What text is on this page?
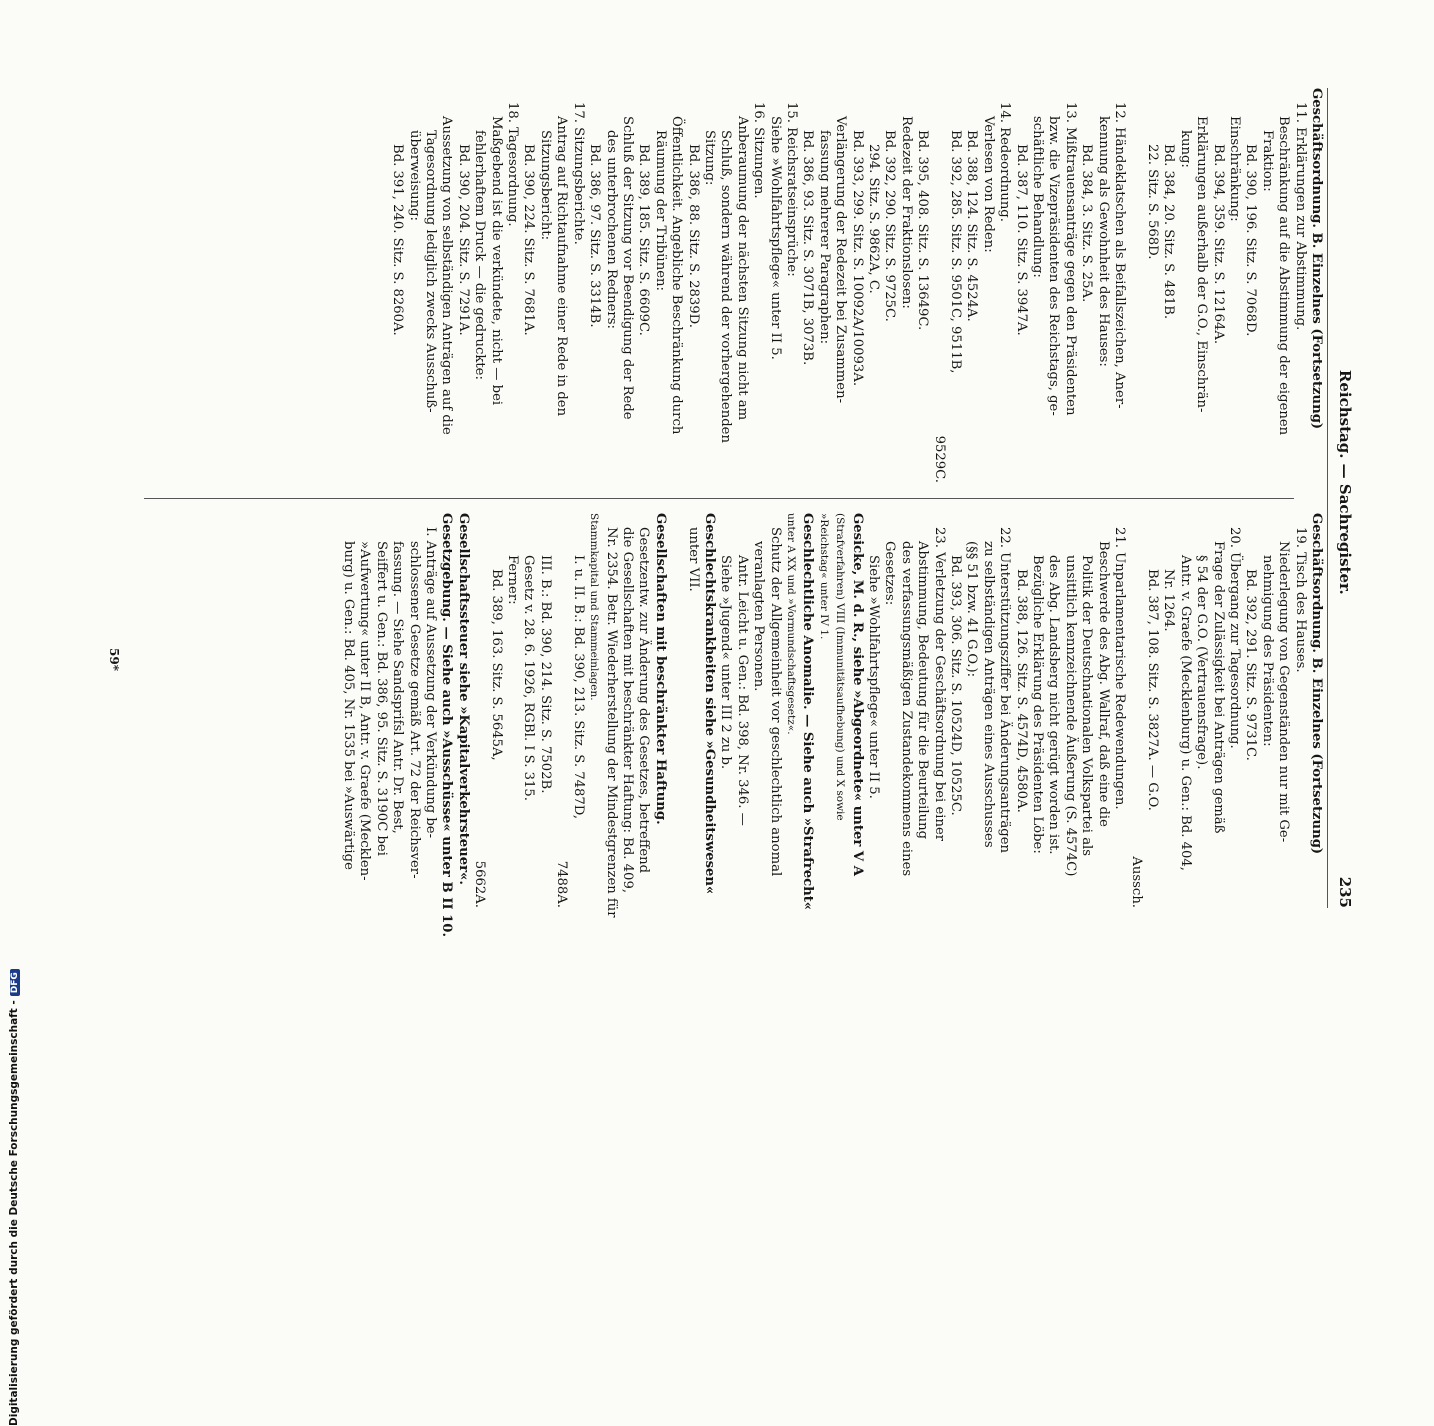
Reichstag. — Sachregister.
235
Geschäftsordnung. B. Einzelnes (Fortsetzung)
11. Erklärungen zur Abstimmung.
Beschränkung auf die Abstimmung der eigenen
Fraktion:
Bd. 390, 196. Sitz. S. 7068D.
Einschränkung:
Bd. 394, 359. Sitz. S. 12164A.
Erklärungen außerhalb der G.O., Einschrän-
kung:
Bd. 384, 20. Sitz. S. 481B.
22. Sitz. S. 568D.

12. Händeklatschen als Beifallszeichen, Aner-
kennung als Gewohnheit des Hauses:
Bd. 384, 3. Sitz. S. 25A.
13. Mißtrauensanträge gegen den Präsidenten
bzw. die Vizepräsidenten des Reichstags, ge-
schäftliche Behandlung:
Bd. 387, 110. Sitz. S. 3947A.
14. Redeordnung.
Verlesen von Reden:
Bd. 388, 124. Sitz. S. 4524A.
Bd. 392, 285. Sitz. S. 9501C, 9511B,
9529C.
Bd. 395, 408. Sitz. S. 13649C.
Redezeit der Fraktionslosen:
Bd. 392, 290. Sitz. S. 9725C.
294. Sitz. S. 9862A, C.
Bd. 393, 299. Sitz. S. 10092A/10093A.
Verlängerung der Redezeit bei Zusammen-
fassung mehrerer Paragraphen:
Bd. 386, 93. Sitz. S. 3071B, 3073B.
15. Reichsratseinsprüche:
Siehe »Wohlfahrtspflege« unter II 5.
16. Sitzungen.
Anberaumung der nächsten Sitzung nicht am
Schluß, sondern während der vorhergehenden
Sitzung:
Bd. 386, 88. Sitz. S. 2839D.
Öffentlichkeit. Angebliche Beschränkung durch
Räumung der Tribünen:
Bd. 389, 185. Sitz. S. 6609C.
Schluß der Sitzung vor Beendigung der Rede
des unterbrochenen Redners:
Bd. 386, 97. Sitz. S. 3314B.
17. Sitzungsberichte.
Antrag auf Richtaufnahme einer Rede in den
Sitzungsbericht:
Bd. 390, 224. Sitz. S. 7681A.
18. Tagesordnung.
Maßgebend ist die verkündete, nicht — bei
fehlerhaftem Druck — die gedruckte:
Bd. 390, 204. Sitz. S. 7291A.
Aussetzung von selbständigen Anträgen auf die
Tagesordnung lediglich zwecks Ausschuß-
überweisung:
Bd. 391, 240. Sitz. S. 8260A.
Geschäftsordnung. B. Einzelnes (Fortsetzung)
19. Tisch des Hauses.
Niederlegung von Gegenständen nur mit Ge-
nehmigung des Präsidenten:
Bd. 392, 291. Sitz. S. 9731C.
20. Übergang zur Tagesordnung.
Frage der Zulässigkeit bei Anträgen gemäß
§ 54 der G.O. (Vertrauensfrage).
Antr. v. Graefe (Mecklenburg) u. Gen.: Bd. 404,
Nr. 1264.
Bd. 387, 108. Sitz. S. 3827A. — G.O.
Aussch.
21. Unparlamentarische Redewendungen.
Beschwerde des Abg. Wallraf, daß eine die
Politik der Deutschnationalen Volkspartei als
unsittlich kennzeichnende Äußerung (S. 4574C)
des Abg. Landsberg nicht gerügt worden ist.
Bezügliche Erklärung des Präsidenten Löbe:
Bd. 388, 126. Sitz. S. 4574D, 4580A.
22. Unterstützungsziffer bei Änderungsanträgen
zu selbständigen Anträgen eines Ausschusses
(§§ 51 bzw. 41 G.O.):
Bd. 393, 306. Sitz. S. 10524D, 10525C.
23. Verletzung der Geschäftsordnung bei einer
Abstimmung, Bedeutung für die Beurteilung
des verfassungsmäßigen Zustandekommens eines
Gesetzes:
Siehe »Wohlfahrtspflege« unter II 5.
Gesicke, M. d. R., siehe »Abgeordnete« unter V A
(Strafverfahren) VIII (Immunitätsaufhebung) und X sowie
»Reichstag« unter IV 1.
Geschlechtliche Anomalie. — Siehe auch »Strafrecht«
unter A XX und »Vormundschaftsgesetz«.
Schutz der Allgemeinheit vor geschlechtlich anomal
veranlagten Personen.
Antr. Leicht u. Gen.: Bd. 398, Nr. 346. —
Siehe »Jugend« unter III 2 zu b.
Geschlechtskrankheiten siehe »Gesundheitswesen«
unter VII.

Gesellschaften mit beschränkter Haftung.
Gesetzentw. zur Änderung des Gesetzes, betreffend
die Gesellschaften mit beschränkter Haftung: Bd. 409,
Nr. 2354. Betr. Wiederherstellung der Mindestgrenzen für
Stammkapital und Stammeinlagen.
I. u. II. B.: Bd. 390, 213. Sitz. S. 7487D,
7488A.
III. B.: Bd. 390, 214. Sitz. S. 7502B.
Gesetz v. 28. 6. 1926, RGBl. I S. 315.
Ferner:
Bd. 389, 163. Sitz. S. 5645A,
5662A.
Gesellschaftssteuer siehe »Kapitalverkehrsteuer«.
Gesetzgebung. — Siehe auch »Ausschüsse« unter B II 10.
I. Anträge auf Aussetzung der Verkündung be-
schlossener Gesetze gemäß Art. 72 der Reichsver-
fassung. — Siehe Sandsprifsl Antr. Dr. Best,
Seiffert u. Gen.: Bd. 386, 95. Sitz. S. 3190C bei
»Aufwertung« unter II B, Antr. v. Graefe (Mecklen-
burg) u. Gen.: Bd. 405, Nr. 1535 bei »Auswärtige
59*
Digitalisierung gefördert durch die Deutsche Forschungsgemeinschaft -DFG
